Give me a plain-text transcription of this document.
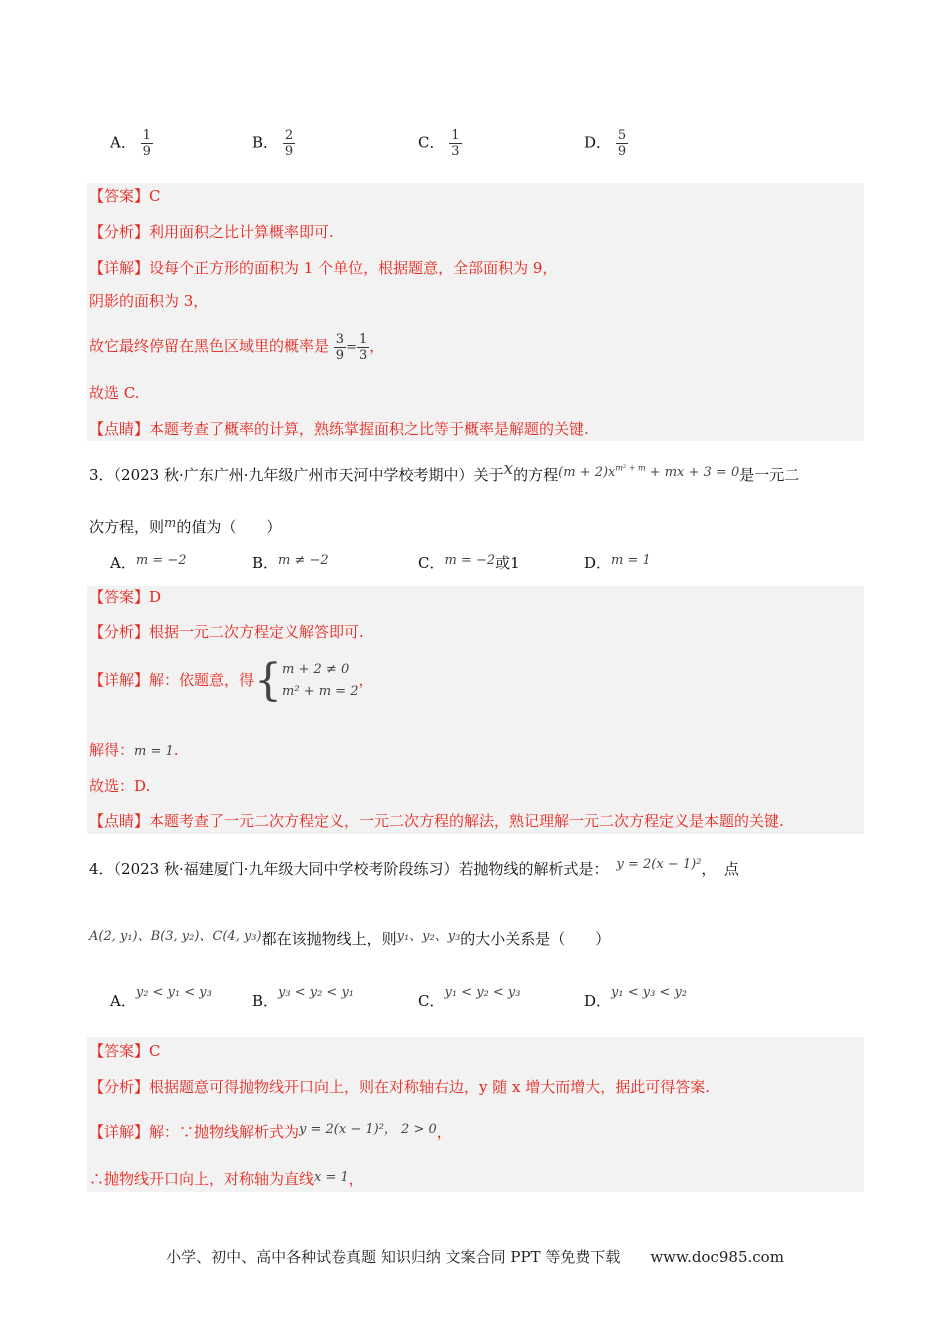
A． $\frac{1}{9}$	B． $\frac{2}{9}$	C． $\frac{1}{3}$	D． $\frac{5}{9}$
【答案】C
【分析】利用面积之比计算概率即可.
【详解】设每个正方形的面积为 1 个单位，根据题意，全部面积为 9，
阴影的面积为 3，
故它最终停留在黑色区域里的概率是 $\frac{3}{9} = \frac{1}{3}$ ，
故选 C.
【点睛】本题考查了概率的计算，熟练掌握面积之比等于概率是解题的关键.
3．（2023 秋·广东广州·九年级广州市天河中学校考期中）关于x的方程$(m + 2)x^{m^2 + m}$ + mx + 3 = 0是一元二
次方程，则m的值为（　　）
A．m = −2	B．m ≠ −2	C．m = −2或1	D．m = 1
【答案】D
【分析】根据一元二次方程定义解答即可.
【详解】解：依题意，得{ m + 2 ≠ 0
m² + m = 2
，
解得：m = 1.
故选：D.
【点睛】本题考查了一元二次方程定义，一元二次方程的解法，熟记理解一元二次方程定义是本题的关键.
4．（2023 秋·福建厦门·九年级大同中学校考阶段练习）若抛物线的解析式是： y = 2(x − 1)²，　点
A(2, y₁)、B(3, y₂)、C(4, y₃)都在该抛物线上，则y₁、y₂、y₃的大小关系是（　　）
A．y₂ < y₁ < y₃	B．y₃ < y₂ < y₁	C．y₁ < y₂ < y₃	D．y₁ < y₃ < y₂
【答案】C
【分析】根据题意可得抛物线开口向上，则在对称轴右边，y 随 x 增大而增大，据此可得答案.
【详解】解：∵抛物线解析式为y = 2(x − 1)²， 2 > 0，
∴抛物线开口向上，对称轴为直线x = 1，
小学、初中、高中各种试卷真题 知识归纳 文案合同 PPT 等免费下载　　www.doc985.com
